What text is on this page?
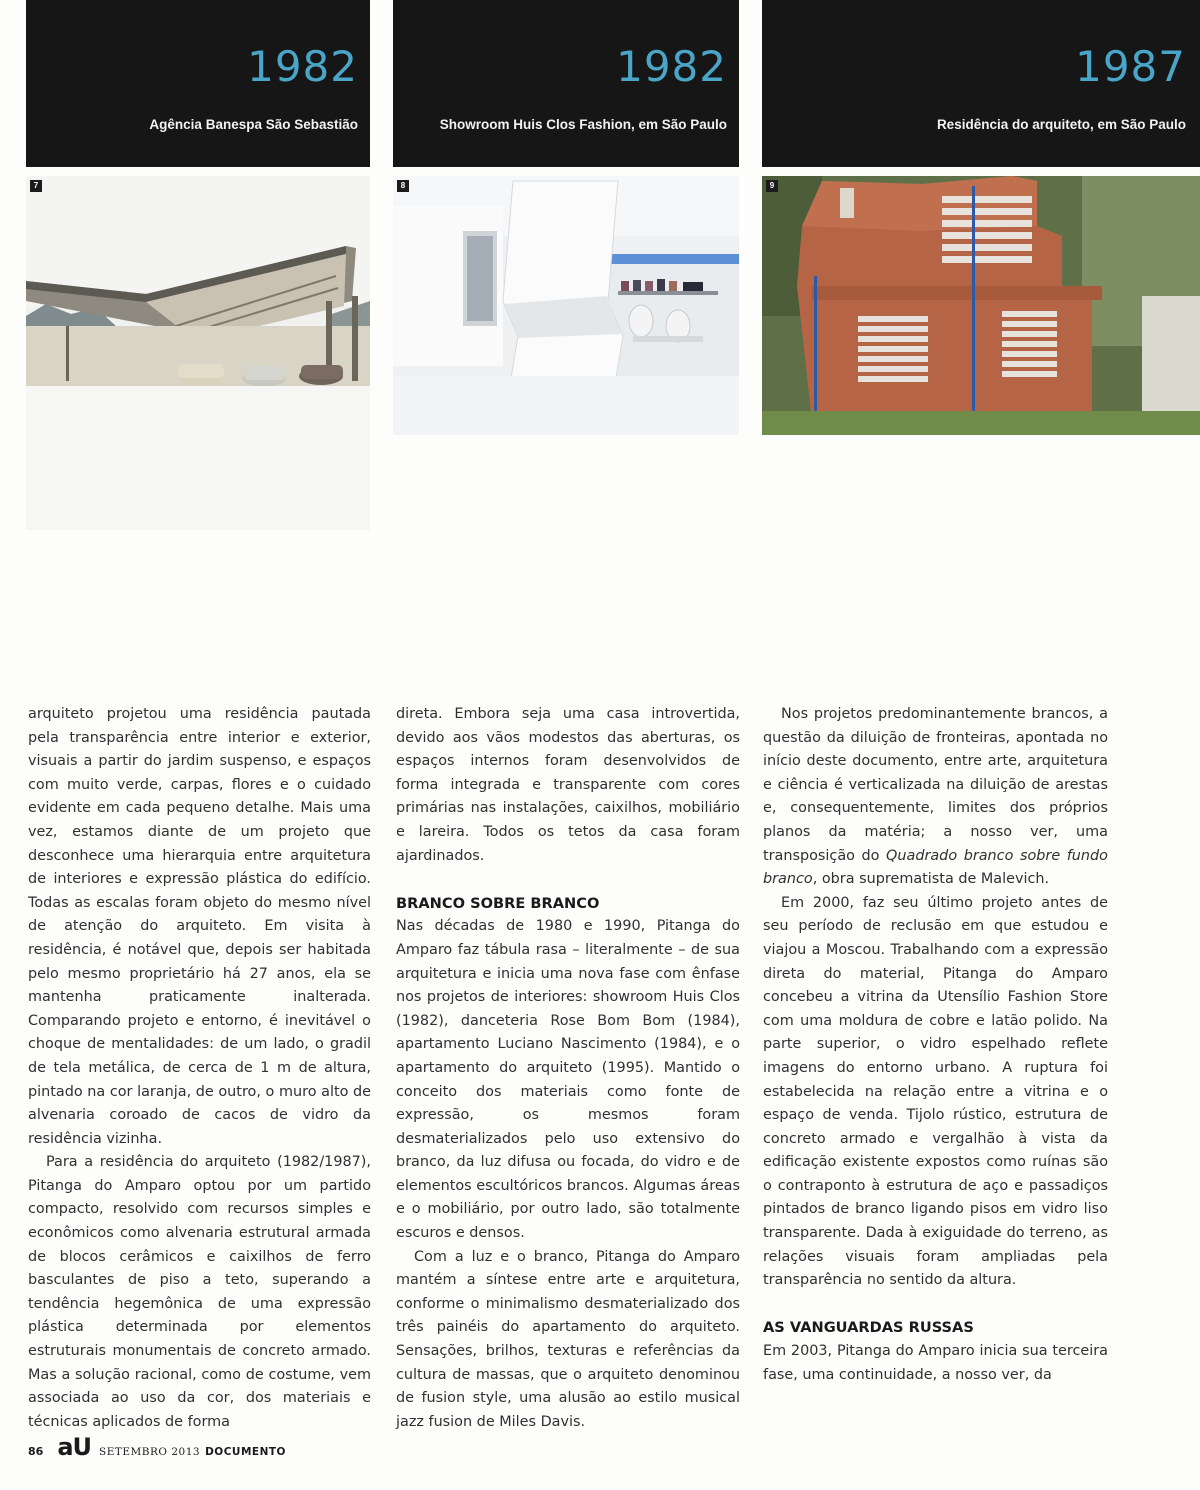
1982
Agência Banespa São Sebastião
1982
Showroom Huis Clos Fashion, em São Paulo
1987
Residência do arquiteto, em São Paulo
7	8	9

arquiteto projetou uma residência pautada pela transparência entre interior e exterior, visuais a partir do jardim suspenso, e espaços com muito verde, carpas, flores e o cuidado evidente em cada pequeno detalhe. Mais uma vez, estamos diante de um projeto que desconhece uma hierarquia entre arquitetura de interiores e expressão plástica do edifício. Todas as escalas foram objeto do mesmo nível de atenção do arquiteto. Em visita à residência, é notável que, depois ser habitada pelo mesmo proprietário há 27 anos, ela se mantenha praticamente inalterada. Comparando projeto e entorno, é inevitável o choque de mentalidades: de um lado, o gradil de tela metálica, de cerca de 1 m de altura, pintado na cor laranja, de outro, o muro alto de alvenaria coroado de cacos de vidro da residência vizinha.

Para a residência do arquiteto (1982/1987), Pitanga do Amparo optou por um partido compacto, resolvido com recursos simples e econômicos como alvenaria estrutural armada de blocos cerâmicos e caixilhos de ferro basculantes de piso a teto, superando a tendência hegemônica de uma expressão plástica determinada por elementos estruturais monumentais de concreto armado. Mas a solução racional, como de costume, vem associada ao uso da cor, dos materiais e técnicas aplicados de forma

direta. Embora seja uma casa introvertida, devido aos vãos modestos das aberturas, os espaços internos foram desenvolvidos de forma integrada e transparente com cores primárias nas instalações, caixilhos, mobiliário e lareira. Todos os tetos da casa foram ajardinados.

BRANCO SOBRE BRANCO

Nas décadas de 1980 e 1990, Pitanga do Amparo faz tábula rasa – literalmente – de sua arquitetura e inicia uma nova fase com ênfase nos projetos de interiores: showroom Huis Clos (1982), danceteria Rose Bom Bom (1984), apartamento Luciano Nascimento (1984), e o apartamento do arquiteto (1995). Mantido o conceito dos materiais como fonte de expressão, os mesmos foram desmaterializados pelo uso extensivo do branco, da luz difusa ou focada, do vidro e de elementos escultóricos brancos. Algumas áreas e o mobiliário, por outro lado, são totalmente escuros e densos.

Com a luz e o branco, Pitanga do Amparo mantém a síntese entre arte e arquitetura, conforme o minimalismo desmaterializado dos três painéis do apartamento do arquiteto. Sensações, brilhos, texturas e referências da cultura de massas, que o arquiteto denominou de fusion style, uma alusão ao estilo musical jazz fusion de Miles Davis.

Nos projetos predominantemente brancos, a questão da diluição de fronteiras, apontada no início deste documento, entre arte, arquitetura e ciência é verticalizada na diluição de arestas e, consequentemente, limites dos próprios planos da matéria; a nosso ver, uma transposição do Quadrado branco sobre fundo branco, obra suprematista de Malevich.

Em 2000, faz seu último projeto antes de seu período de reclusão em que estudou e viajou a Moscou. Trabalhando com a expressão direta do material, Pitanga do Amparo concebeu a vitrina da Utensílio Fashion Store com uma moldura de cobre e latão polido. Na parte superior, o vidro espelhado reflete imagens do entorno urbano. A ruptura foi estabelecida na relação entre a vitrina e o espaço de venda. Tijolo rústico, estrutura de concreto armado e vergalhão à vista da edificação existente expostos como ruínas são o contraponto à estrutura de aço e passadiços pintados de branco ligando pisos em vidro liso transparente. Dada à exiguidade do terreno, as relações visuais foram ampliadas pela transparência no sentido da altura.

AS VANGUARDAS RUSSAS

Em 2003, Pitanga do Amparo inicia sua terceira fase, uma continuidade, a nosso ver, da

86 aU SETEMBRO 2013 DOCUMENTO
